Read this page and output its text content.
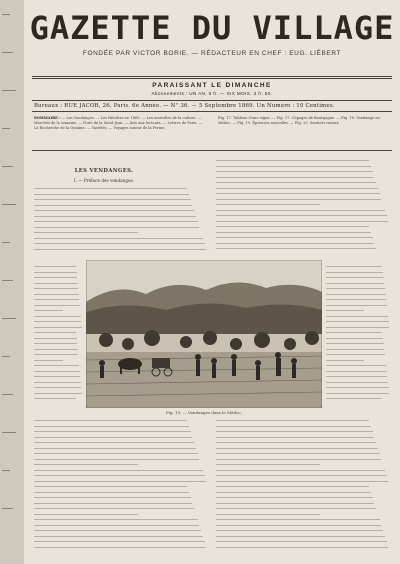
GAZETTE DU VILLAGE
FONDÉE PAR VICTOR BORIE. — RÉDACTEUR EN CHEF : EUG. LIÉBERT
PARAISSANT LE DIMANCHE
Abonnements : UN AN, 6 fr. — SIX MOIS, 3 fr. 50.
Bureaux : RUE JACOB, 26, Paris. 6e Année. — N° 36. — 5 Septembre 1869. Un Numéro : 10 Centimes.
SOMMAIRE : — Les Vendanges. — Les Récoltes en 1869. — Les nouvelles de la culture. — Marchés de la semaine. — Foire de la Saint-Jean. — Avis aux lecteurs. — Lettres de Paris. — La Recherche de la Quinine. — Variétés. — Voyages autour de la Ferme.
Fig. 17. Tableau d'une vigne. — Fig. 17. Cépages de Bourgogne. — Fig. 18. Vendange en Médoc. — Fig. 19. Épreuves nouvelles. — Fig. 20. Sentiers ruraux.
LES VENDANGES.
I. — Préface des vendanges.
Fig. 19. — Vendanges dans le Médoc.
